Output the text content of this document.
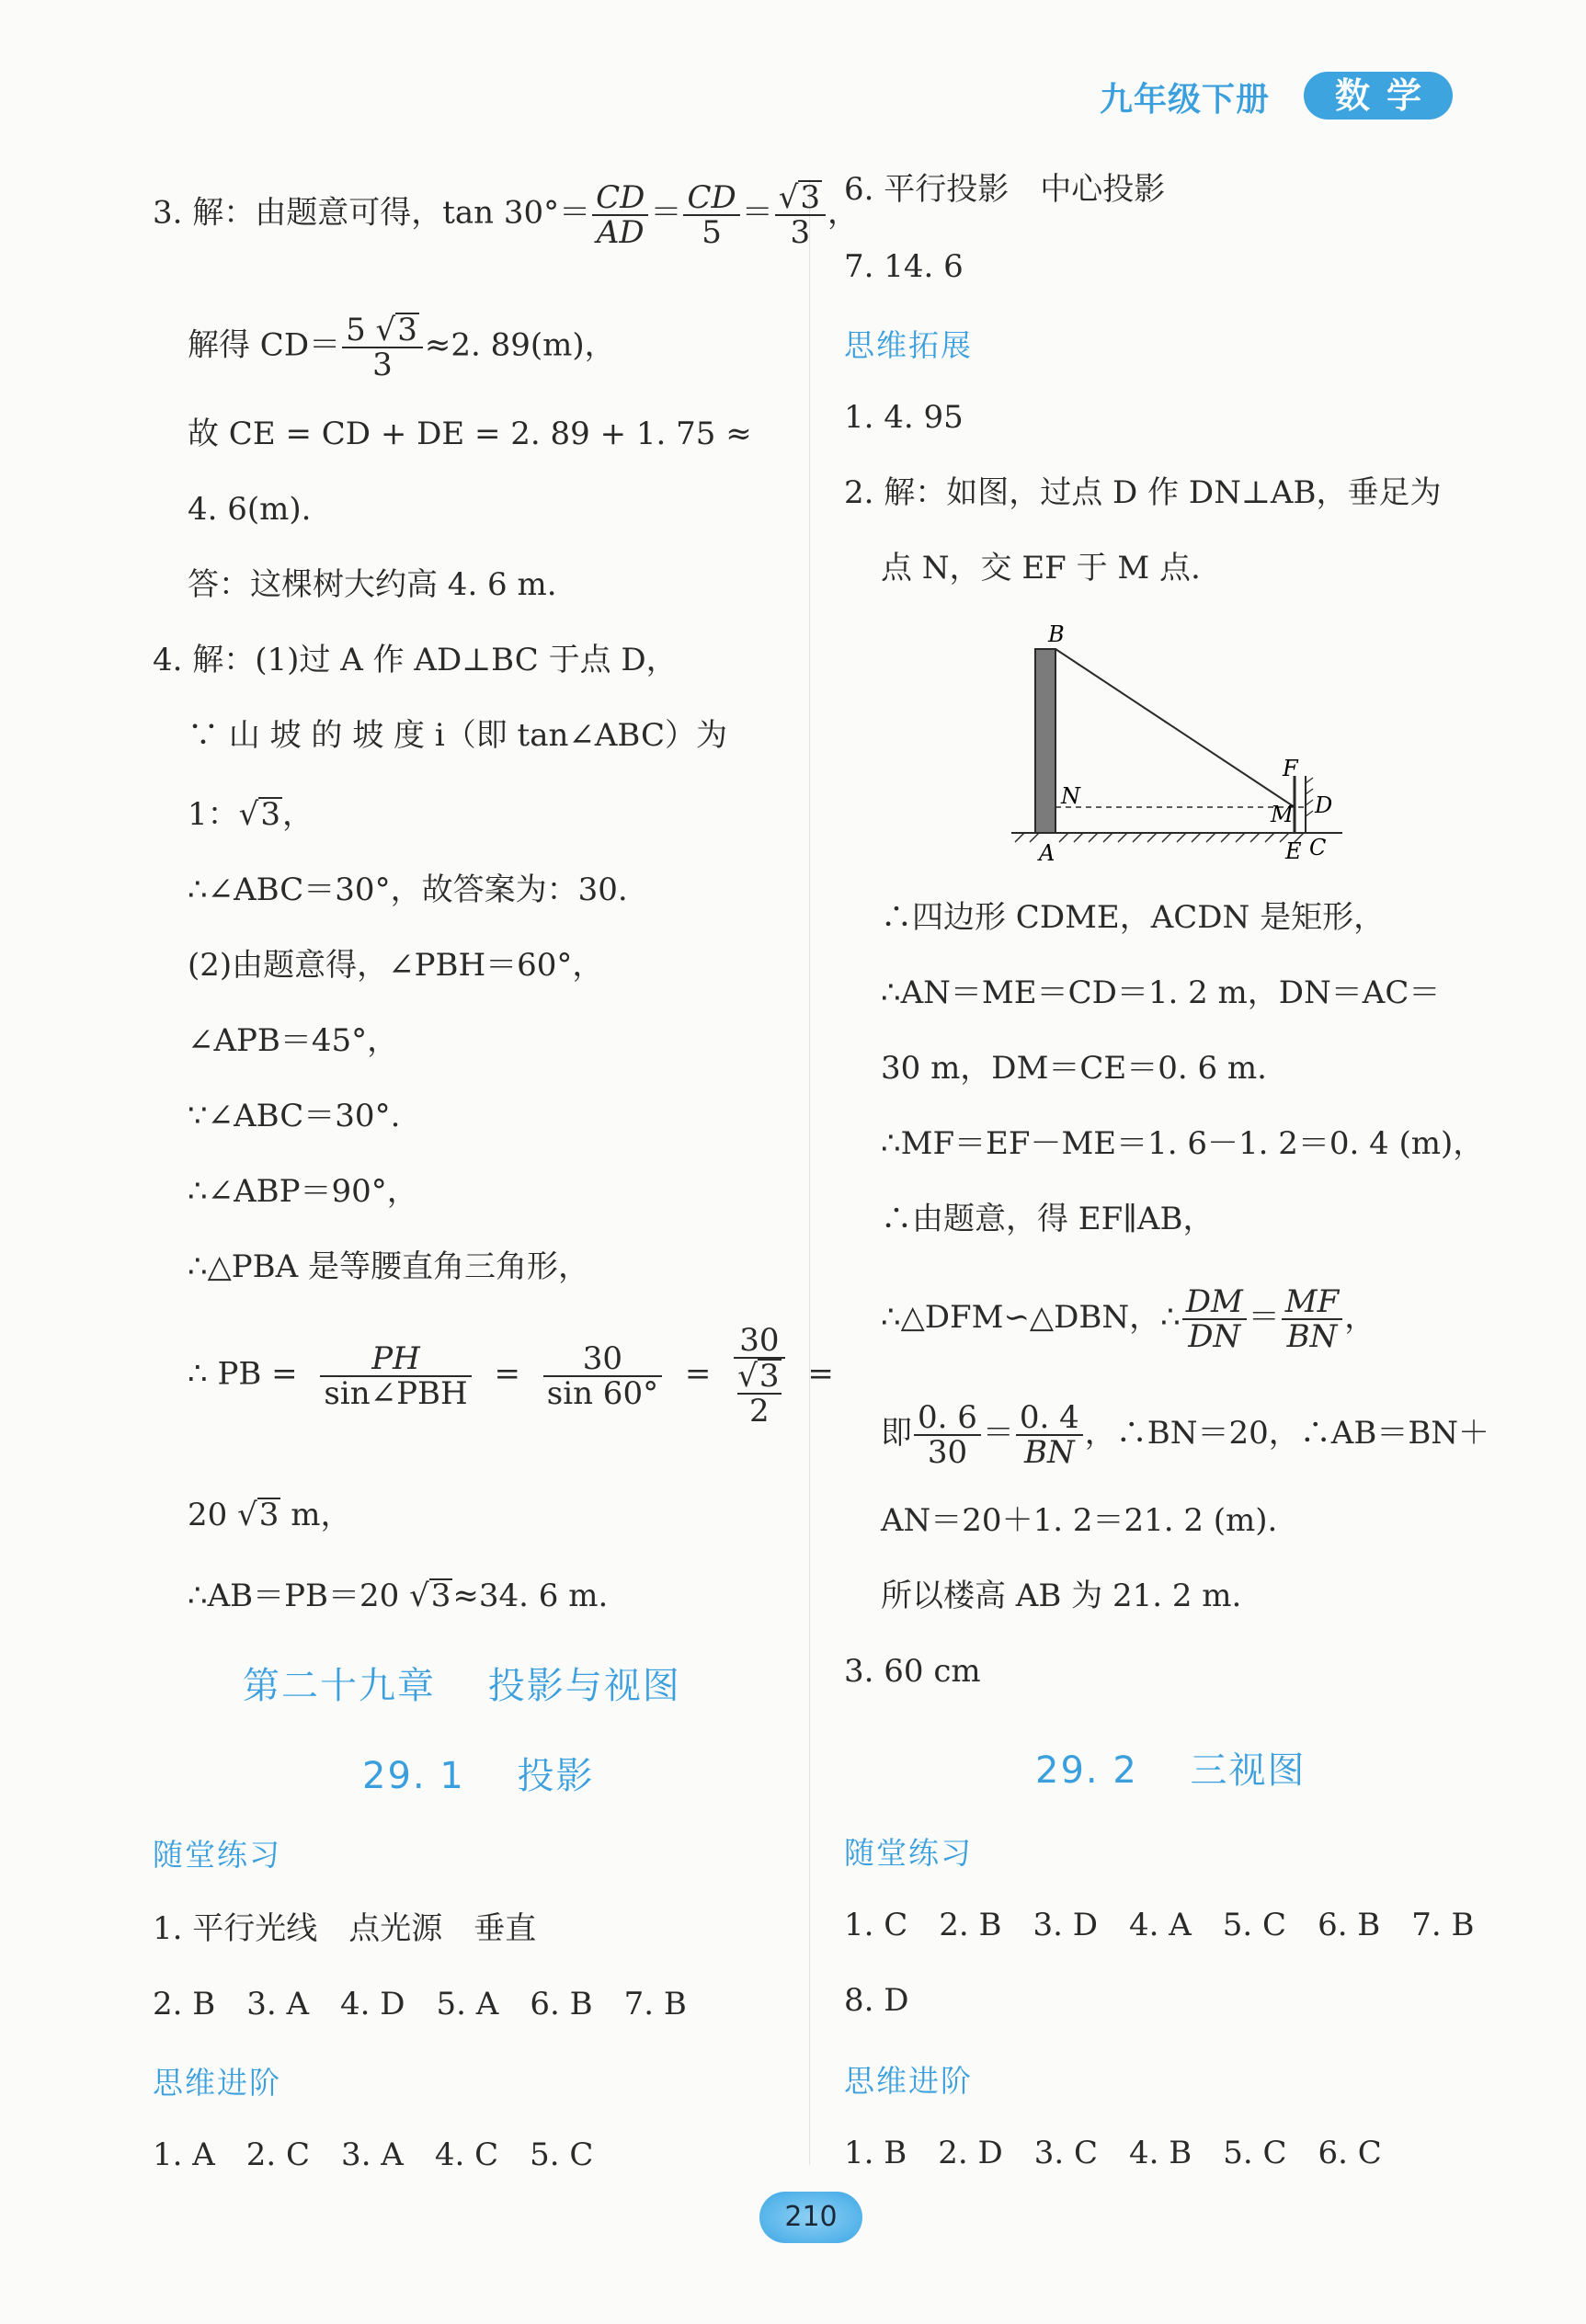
九年级下册	数学
3. 解：由题意可得，$\tan 30^\circ= \frac{CD}{AD} = \frac{CD}{5} = \frac{√3}{3}$ ，
解得 $CD= \frac{5 √3}{3} \approx 2$. 89(m)，
故 CE = CD + DE = 2. 89 + 1. 75 ≈
4. 6(m).
答：这棵树大约高 4. 6 m.
4. 解：(1)过 A 作 AD⊥BC 于点 D，
∵ 山 坡 的 坡 度 i（即 tan∠ABC）为
1：√3，
∴∠ABC＝30°，故答案为：30.
(2)由题意得，∠PBH＝60°，
∠APB＝45°，
∵∠ABC＝30°.
∴∠ABP＝90°，
∴△PBA 是等腰直角三角形，
∴ PB = $\frac{PH}{\text{sin∠PBH}} = \frac{30}{\sin 60^\circ} = 30$
√3
2 =
20 √3 m，
∴AB＝PB＝20 √3≈34. 6 m.
第二十九章　 投影与视图
29. 1　 投影
随堂练习
1. 平行光线　点光源　垂直
2. B　3. A　4. D　5. A　6. B　7. B
思维进阶
1. A　2. C　3. A　4. C　5. C
6. 平行投影　中心投影
7. 14. 6
思维拓展
1. 4. 95
2. 解：如图，过点 D 作 DN⊥AB，垂足为
点 N，交 EF 于 M 点.
B
N
A
F
M D
E C
∴四边形 CDME，ACDN 是矩形，
∴AN＝ME＝CD＝1. 2 m，DN＝AC＝
30 m，DM＝CE＝0. 6 m.
∴MF＝EF－ME＝1. 6－1. 2＝0. 4 (m)，
∴由题意，得 EF∥AB，
∴△DFM∽△DBN，∴ $\frac{DM}{DN} = \frac{MF}{BN}$ ，
即 $\frac{0. 6}{30} = \frac{0. 4}{BN}$ ，∴BN＝20，∴AB＝BN＋
AN＝20＋1. 2＝21. 2 (m).
所以楼高 AB 为 21. 2 m.
3. 60 cm
29. 2　 三视图
随堂练习
1. C　2. B　3. D　4. A　5. C　6. B　7. B
8. D
思维进阶
1. B　2. D　3. C　4. B　5. C　6. C
210
